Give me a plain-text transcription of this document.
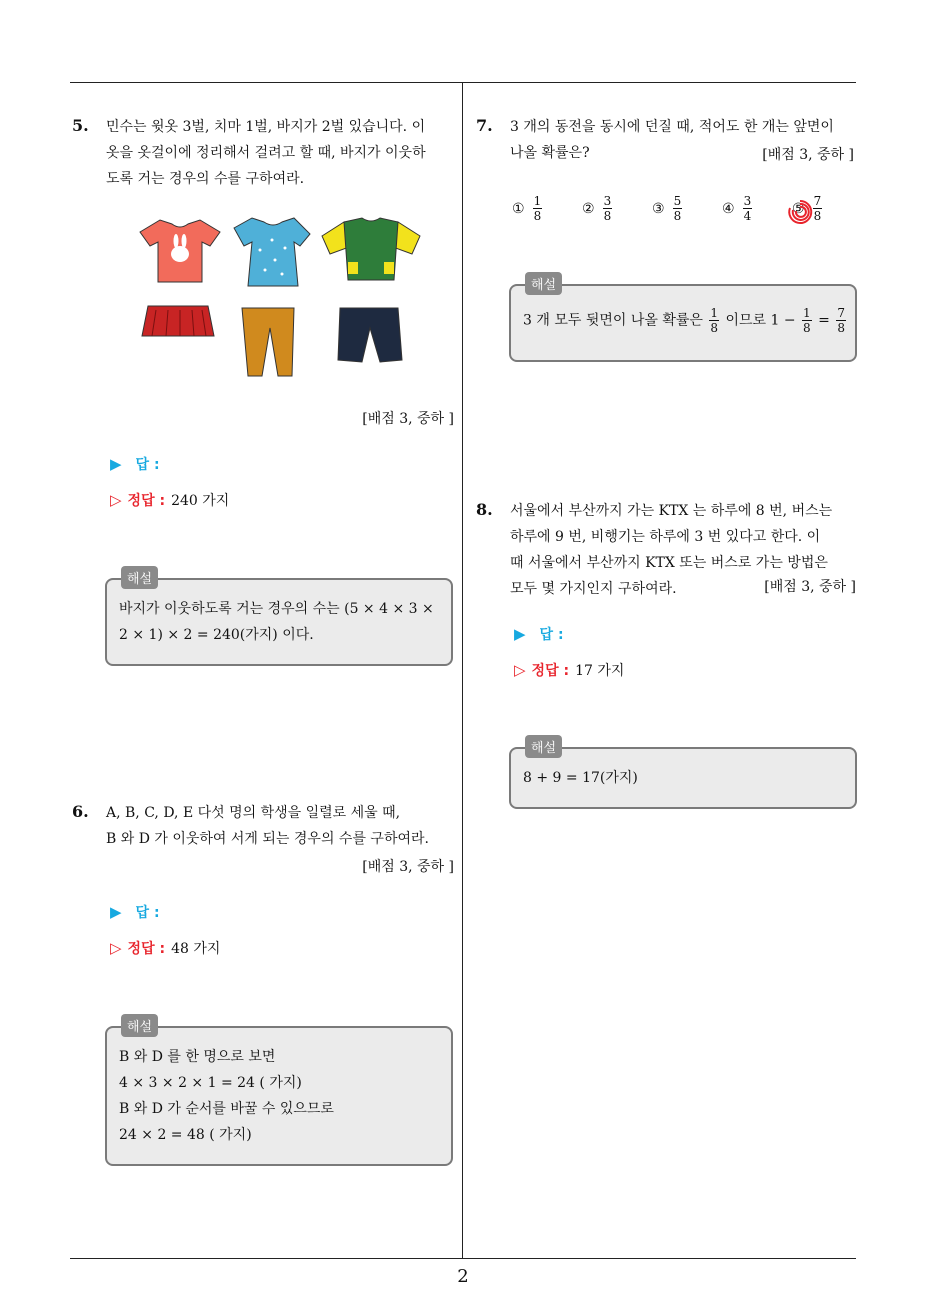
2
5. 민수는 윗옷 3벌, 치마 1벌, 바지가 2벌 있습니다. 이
옷을 옷걸이에 정리해서 걸려고 할 때, 바지가 이웃하
도록 거는 경우의 수를 구하여라.
[배점 3, 중하 ]
▶ 답 :
▷ 정답 : 240 가지
해설
바지가 이웃하도록 거는 경우의 수는 (5 × 4 × 3 ×
2 × 1) × 2 = 240(가지) 이다.
6. A, B, C, D, E 다섯 명의 학생을 일렬로 세울 때,
B 와 D 가 이웃하여 서게 되는 경우의 수를 구하여라.
[배점 3, 중하 ]
▶ 답 :
▷ 정답 : 48 가지
해설
B 와 D 를 한 명으로 보면
4 × 3 × 2 × 1 = 24 ( 가지)
B 와 D 가 순서를 바꿀 수 있으므로
24 × 2 = 48 ( 가지)
7. 3 개의 동전을 동시에 던질 때, 적어도 한 개는 앞면이
나올 확률은?	[배점 3, 중하 ]
① $\frac{1}{8}$	② $\frac{3}{8}$	③ $\frac{5}{8}$	④ $\frac{3}{4}$	⑤ $\frac{7}{8}$
해설
3 개 모두 뒷면이 나올 확률은 $\frac{1}{8}$ 이므로 $1 - \frac{1}{8} = \frac{7}{8}$
8. 서울에서 부산까지 가는 KTX 는 하루에 8 번, 버스는
하루에 9 번, 비행기는 하루에 3 번 있다고 한다. 이
때 서울에서 부산까지 KTX 또는 버스로 가는 방법은
모두 몇 가지인지 구하여라.	[배점 3, 중하 ]
▶ 답 :
▷ 정답 : 17 가지
해설
8 + 9 = 17(가지)
